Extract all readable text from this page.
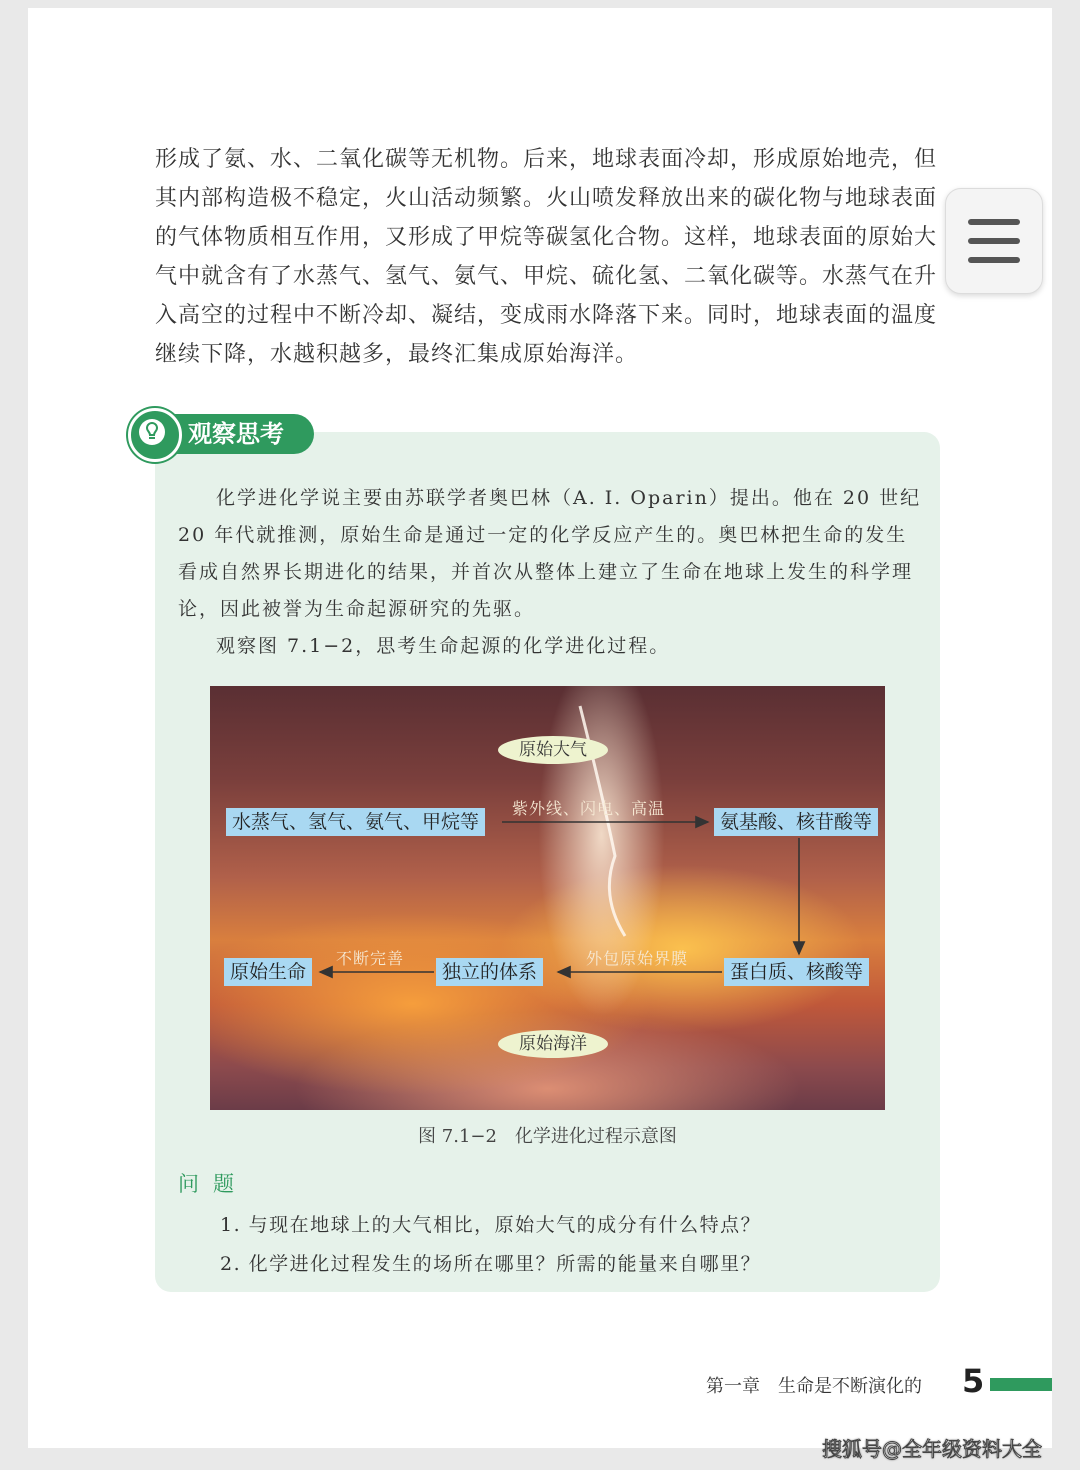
形成了氨、水、二氧化碳等无机物。后来，地球表面冷却，形成原始地壳，但其内部构造极不稳定，火山活动频繁。火山喷发释放出来的碳化物与地球表面的气体物质相互作用，又形成了甲烷等碳氢化合物。这样，地球表面的原始大气中就含有了水蒸气、氢气、氨气、甲烷、硫化氢、二氧化碳等。水蒸气在升入高空的过程中不断冷却、凝结，变成雨水降落下来。同时，地球表面的温度继续下降，水越积越多，最终汇集成原始海洋。

观察思考

化学进化学说主要由苏联学者奥巴林（A. I. Oparin）提出。他在 20 世纪 20 年代就推测，原始生命是通过一定的化学反应产生的。奥巴林把生命的发生看成自然界长期进化的结果，并首次从整体上建立了生命在地球上发生的科学理论，因此被誉为生命起源研究的先驱。

观察图 7.1−2，思考生命起源的化学进化过程。

原始大气
原始海洋
水蒸气、氢气、氨气、甲烷等
紫外线、闪电、高温
氨基酸、核苷酸等
蛋白质、核酸等
外包原始界膜
独立的体系
不断完善
原始生命
图 7.1−2　化学进化过程示意图
问题
1. 与现在地球上的大气相比，原始大气的成分有什么特点？
2. 化学进化过程发生的场所在哪里？所需的能量来自哪里？
第一章　生命是不断演化的 5
搜狐号@全年级资料大全
